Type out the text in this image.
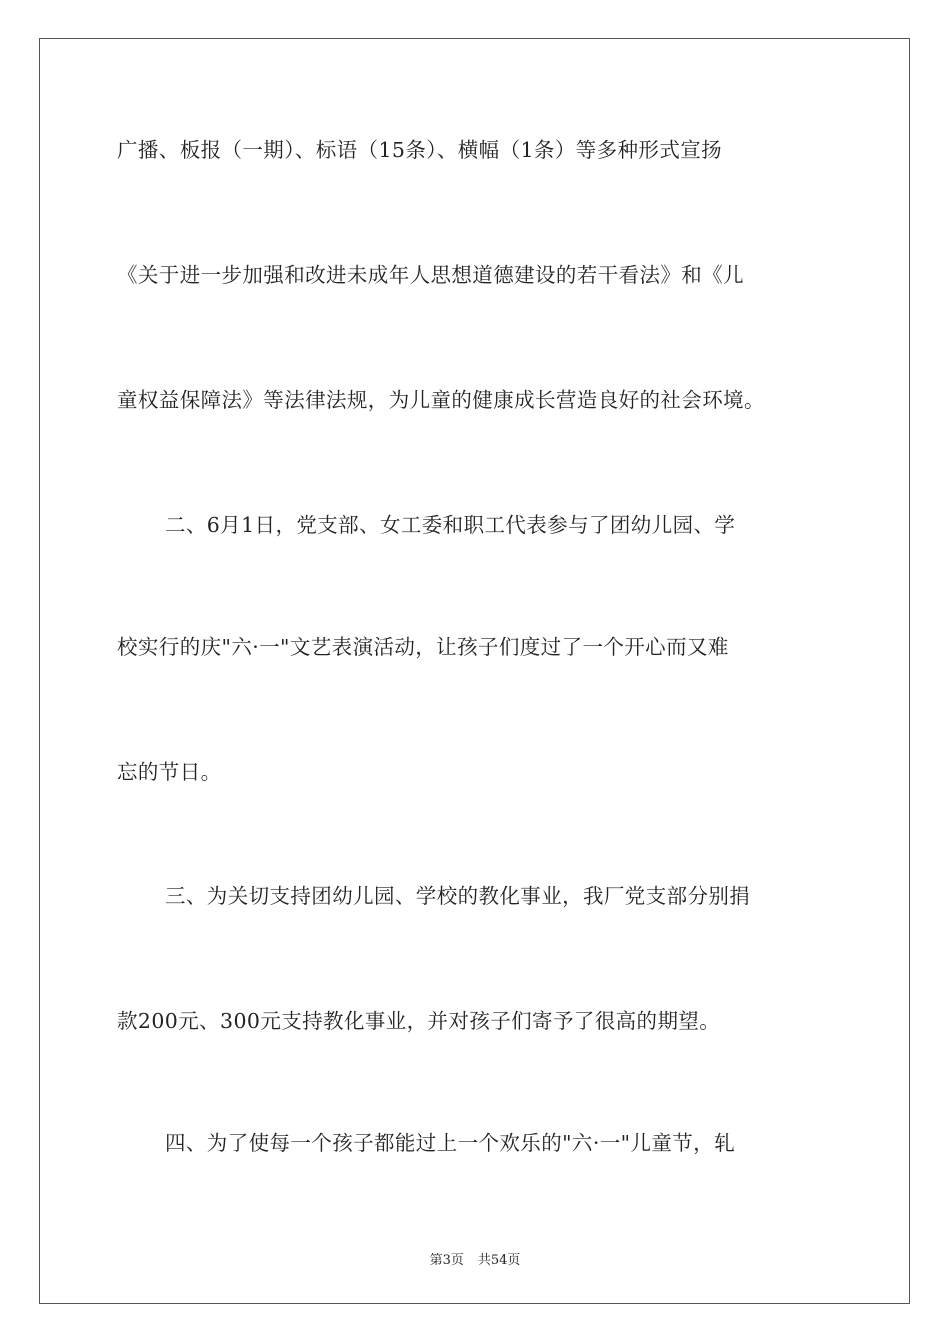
广播、板报（一期）、标语（15条）、横幅（1条）等多种形式宣扬
《关于进一步加强和改进未成年人思想道德建设的若干看法》和《儿
童权益保障法》等法律法规，为儿童的健康成长营造良好的社会环境。
二、6月1日，党支部、女工委和职工代表参与了团幼儿园、学
校实行的庆"六·一"文艺表演活动，让孩子们度过了一个开心而又难
忘的节日。
三、为关切支持团幼儿园、学校的教化事业，我厂党支部分别捐
款200元、300元支持教化事业，并对孩子们寄予了很高的期望。
四、为了使每一个孩子都能过上一个欢乐的"六·一"儿童节，轧
第3页 共54页
